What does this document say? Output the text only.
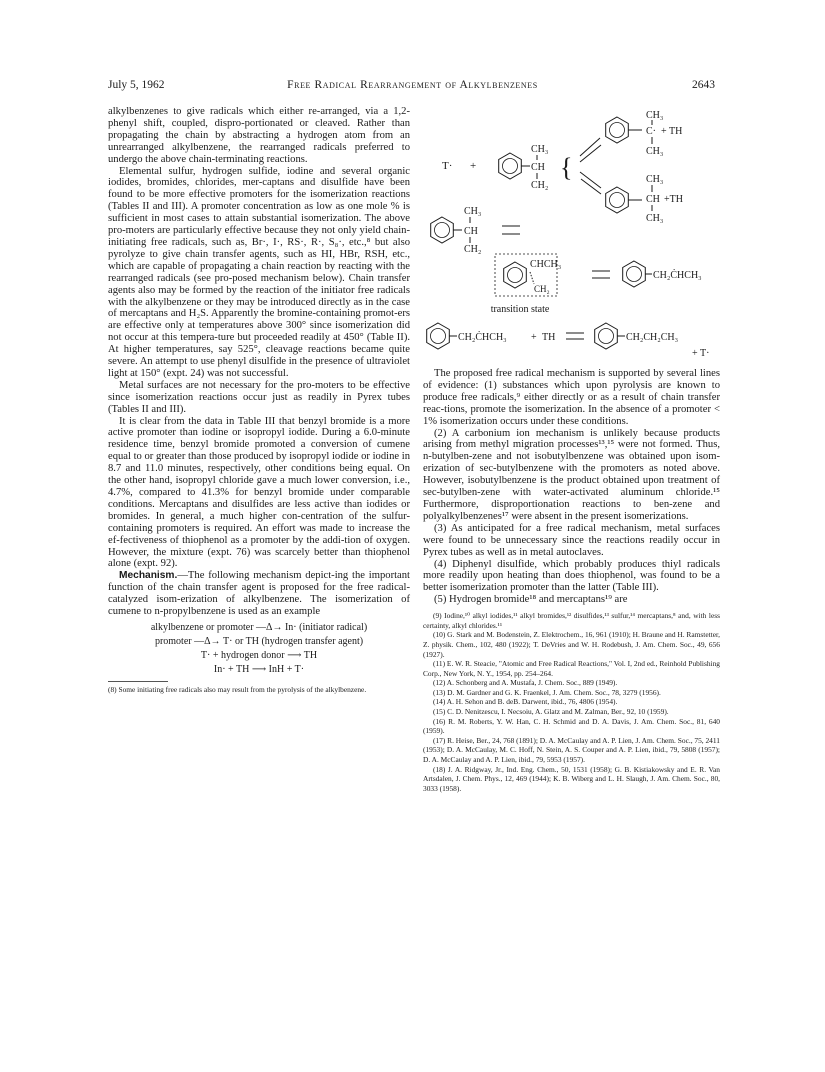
July 5, 1962	Free Radical Rearrangement of Alkylbenzenes	2643

alkylbenzenes to give radicals which either re-arranged, via a 1,2-phenyl shift, coupled, dispro-portionated or cleaved. Rather than propagating the chain by abstracting a hydrogen atom from an unrearranged alkylbenzene, the rearranged radicals preferred to undergo the above chain-terminating reactions.

Elemental sulfur, hydrogen sulfide, iodine and several organic iodides, bromides, chlorides, mer-captans and disulfide have been found to be more effective promoters for the isomerization reactions (Tables II and III). A promoter concentration as low as one mole % is sufficient in most cases to attain substantial isomerization. The above pro-moters are particularly effective because they not only yield chain-initiating free radicals, such as, Br·, I·, RS·, R·, S₈·, etc.,⁸ but also pyrolyze to give chain transfer agents, such as HI, HBr, RSH, etc., which are capable of propagating a chain reaction by reacting with the rearranged radicals (see pro-posed mechanism below). Chain transfer agents also may be formed by the reaction of the initiator free radicals with the alkylbenzene or they may be introduced directly as in the case of mercaptans and H₂S. Apparently the bromine-containing promot-ers are effective only at temperatures above 300° since isomerization did not occur at this tempera-ture but proceeded readily at 450° (Table II). At higher temperatures, say 525°, cleavage reactions became quite severe. An attempt to use phenyl disulfide in the presence of ultraviolet light at 150° (expt. 24) was not successful.

Metal surfaces are not necessary for the pro-moters to be effective since isomerization reactions occur just as readily in Pyrex tubes (Tables II and III).

It is clear from the data in Table III that benzyl bromide is a more active promoter than iodine or isopropyl iodide. During a 6.0-minute residence time, benzyl bromide promoted a conversion of cumene equal to or greater than those produced by isopropyl iodide or iodine in 8.7 and 11.0 minutes, respectively, other conditions being equal. On the other hand, isopropyl chloride gave a much lower conversion, i.e., 4.7%, compared to 41.3% for benzyl bromide under comparable conditions. Mercaptans and disulfides are less active than iodides or bromides. In general, a much higher con-centration of the sulfur-containing promoters is required. An effort was made to increase the ef-fectiveness of thiophenol as a promoter by the addi-tion of oxygen. However, the mixture (expt. 76) was scarcely better than thiophenol alone (expt. 92).

Mechanism.—The following mechanism depict-ing the important function of the chain transfer agent is proposed for the free radical-catalyzed isom-erization of alkylbenzene. The isomerization of cumene to n-propylbenzene is used as an example

alkylbenzene or promoter —Δ→ In· (initiator radical)
promoter —Δ→ T· or TH (hydrogen transfer agent)
T· + hydrogen donor ⟶ TH
In· + TH ⟶ InH + T·
(8) Some initiating free radicals also may result from the pyrolysis of the alkylbenzene.
T· +
CH₃
CH
CH₂
{
CH₃
C· + TH
CH₃
CH₃
CH +TH
CH₃
CH₃
CH
CH₂
CHCH₃
CH₂
transition state
CH₂ĊHCH₃
CH₂ĊHCH₃ + TH	CH₂CH₂CH₃
+ T·

The proposed free radical mechanism is supported by several lines of evidence: (1) substances which upon pyrolysis are known to produce free radicals,⁹ either directly or as a result of chain transfer reac-tions, promote the isomerization. In the absence of a promoter < 1% isomerization occurs under these conditions.

(2) A carbonium ion mechanism is unlikely because products arising from methyl migration processes¹³,¹⁵ were not formed. Thus, n-butylben-zene and not isobutylbenzene was obtained upon isom-erization of sec-butylbenzene with the promoters as noted above. However, isobutylbenzene is the product obtained upon treatment of sec-butylben-zene with water-activated aluminum chloride.¹⁵ Furthermore, disproportionation reactions to ben-zene and polyalkylbenzenes¹⁷ were absent in the present isomerizations.

(3) As anticipated for a free radical mechanism, metal surfaces were found to be unnecessary since the reactions readily occur in Pyrex tubes as well as in metal autoclaves.

(4) Diphenyl disulfide, which probably produces thiyl radicals more readily upon heating than does thiophenol, was found to be a better isomerization promoter than the latter (Table III).

(5) Hydrogen bromide¹⁸ and mercaptans¹⁹ are

(9) Iodine,¹⁰ alkyl iodides,¹¹ alkyl bromides,¹² disulfides,¹³ sulfur,¹⁴ mercaptans,⁸ and, with less certainty, alkyl chlorides.¹¹
(10) G. Stark and M. Bodenstein, Z. Elektrochem., 16, 961 (1910); H. Braune and H. Ramstetter, Z. physik. Chem., 102, 480 (1922); T. DeVries and W. H. Rodebush, J. Am. Chem. Soc., 49, 656 (1927).
(11) E. W. R. Steacie, "Atomic and Free Radical Reactions," Vol. I, 2nd ed., Reinhold Publishing Corp., New York, N. Y., 1954, pp. 254–264.
(12) A. Schonberg and A. Mustafa, J. Chem. Soc., 889 (1949).
(13) D. M. Gardner and G. K. Fraenkel, J. Am. Chem. Soc., 78, 3279 (1956).
(14) A. H. Sehon and B. deB. Darwent, ibid., 76, 4806 (1954).
(15) C. D. Nenitzescu, I. Necsoiu, A. Glatz and M. Zalman, Ber., 92, 10 (1959).
(16) R. M. Roberts, Y. W. Han, C. H. Schmid and D. A. Davis, J. Am. Chem. Soc., 81, 640 (1959).
(17) R. Heise, Ber., 24, 768 (1891); D. A. McCaulay and A. P. Lien, J. Am. Chem. Soc., 75, 2411 (1953); D. A. McCaulay, M. C. Hoff, N. Stein, A. S. Couper and A. P. Lien, ibid., 79, 5808 (1957); D. A. McCaulay and A. P. Lien, ibid., 79, 5953 (1957).
(18) J. A. Ridgway, Jr., Ind. Eng. Chem., 50, 1531 (1958); G. B. Kistiakowsky and E. R. Van Artsdalen, J. Chem. Phys., 12, 469 (1944); K. B. Wiberg and L. H. Slaugh, J. Am. Chem. Soc., 80, 3033 (1958).
